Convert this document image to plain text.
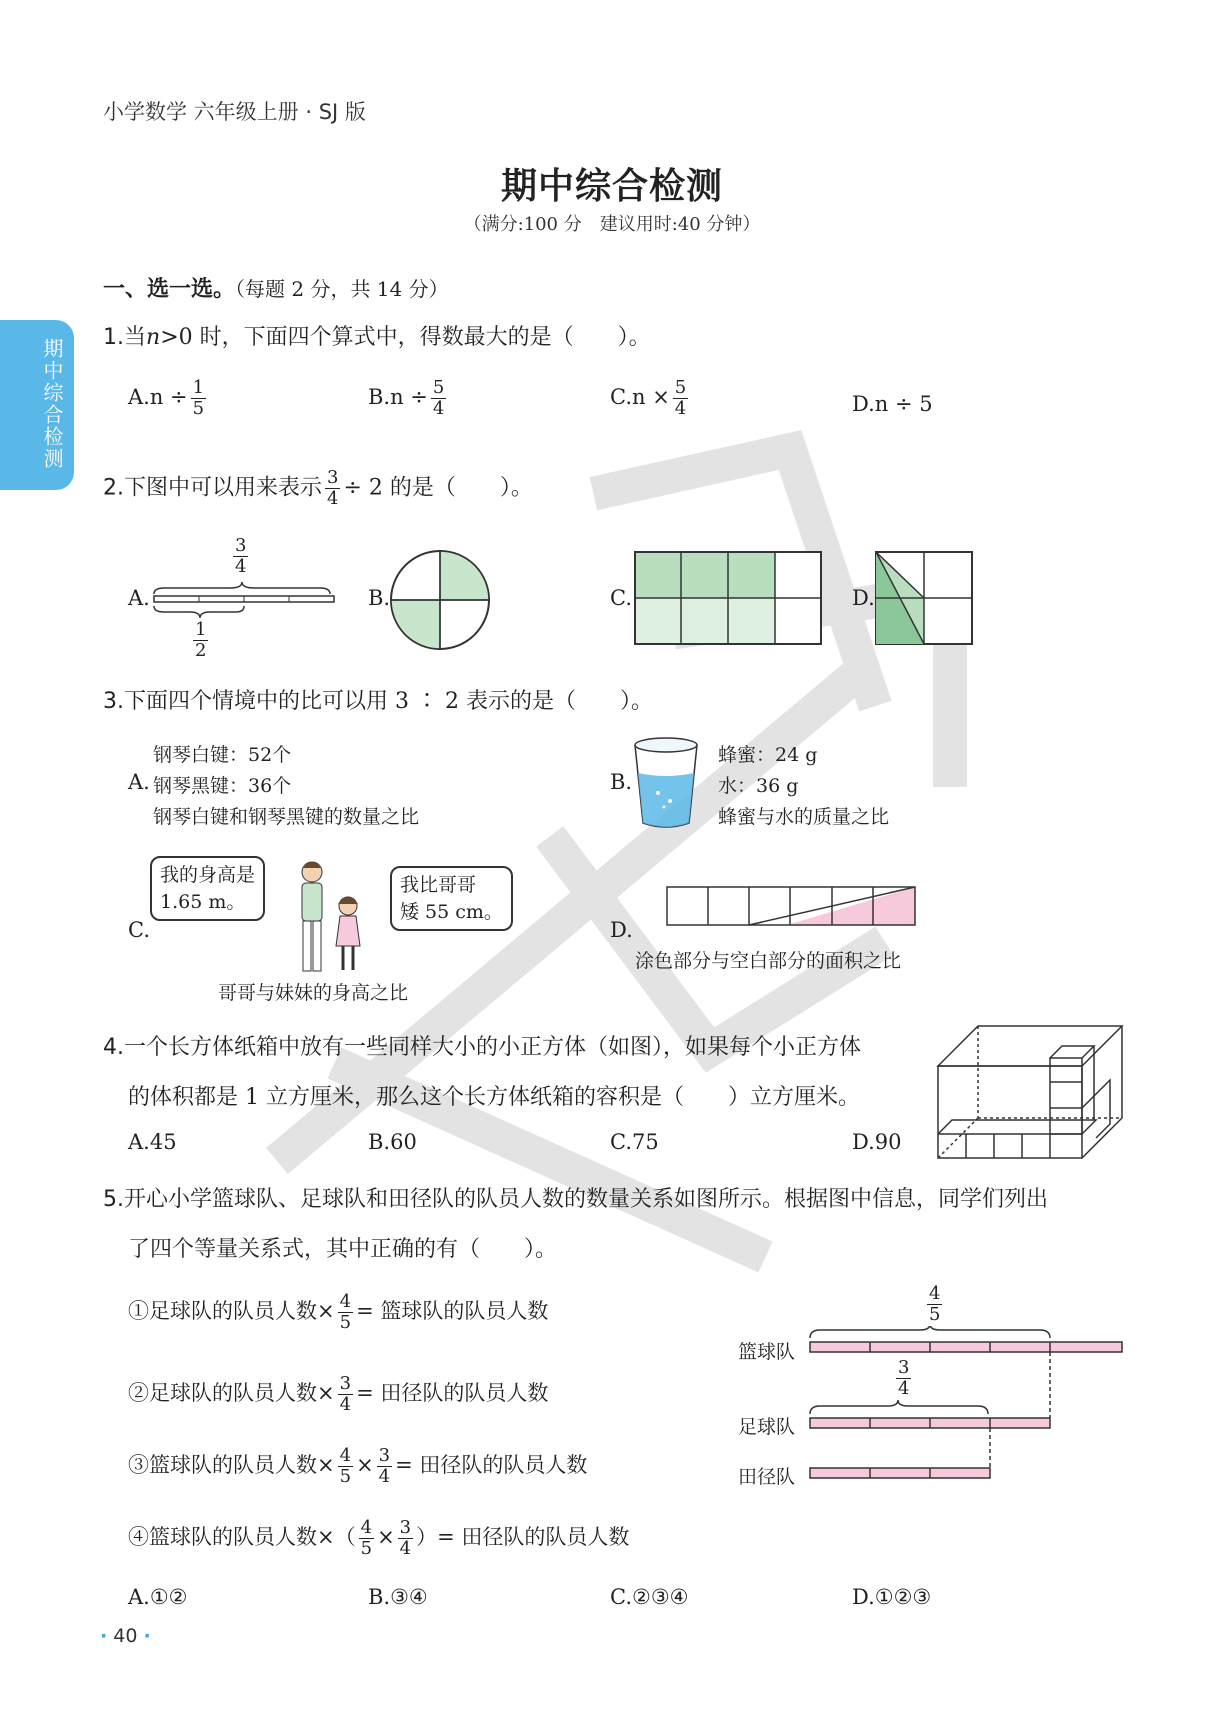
小学数学 六年级上册 · SJ 版
期中综合检测
（满分:100 分　建议用时:40 分钟）
期中综合检测
一、选一选。（每题 2 分，共 14 分）
1.当n>0 时，下面四个算式中，得数最大的是（　　）。
$A.n \div \frac{1}{5}$	$B.n \div \frac{5}{4}$	$C.n \times \frac{5}{4}$	D.n ÷ 5
2.下图中可以用来表示 $\frac{3}{4} \div 2$ 的是（　　）。
A.
$\frac{3}{4}$
$\frac{1}{2}$
B.	C.	D.
3.下面四个情境中的比可以用 3 ∶ 2 表示的是（　　）。
钢琴白键：52个
A. 钢琴黑键：36个
钢琴白键和钢琴黑键的数量之比
B.
蜂蜜：24 g
水：36 g
蜂蜜与水的质量之比
我的身高是
1.65 m。
我比哥哥
矮 55 cm。
C.
哥哥与妹妹的身高之比
D.
涂色部分与空白部分的面积之比
4.一个长方体纸箱中放有一些同样大小的小正方体（如图），如果每个小正方体
的体积都是 1 立方厘米，那么这个长方体纸箱的容积是（　　）立方厘米。
A.45	B.60	C.75	D.90
5.开心小学篮球队、足球队和田径队的队员人数的数量关系如图所示。根据图中信息，同学们列出
了四个等量关系式，其中正确的有（　　）。
①足球队的队员人数× $\frac{4}{5}$ = 篮球队的队员人数
②足球队的队员人数× $\frac{3}{4}$ = 田径队的队员人数
③篮球队的队员人数× $\frac{4}{5} \times \frac{3}{4}$ = 田径队的队员人数
④篮球队的队员人数×（ $\frac{4}{5} \times \frac{3}{4}$ ）= 田径队的队员人数
篮球队
足球队
田径队
$\frac{4}{5}$
$\frac{3}{4}$
A.①②	B.③④	C.②③④	D.①②③
· 40 ·
